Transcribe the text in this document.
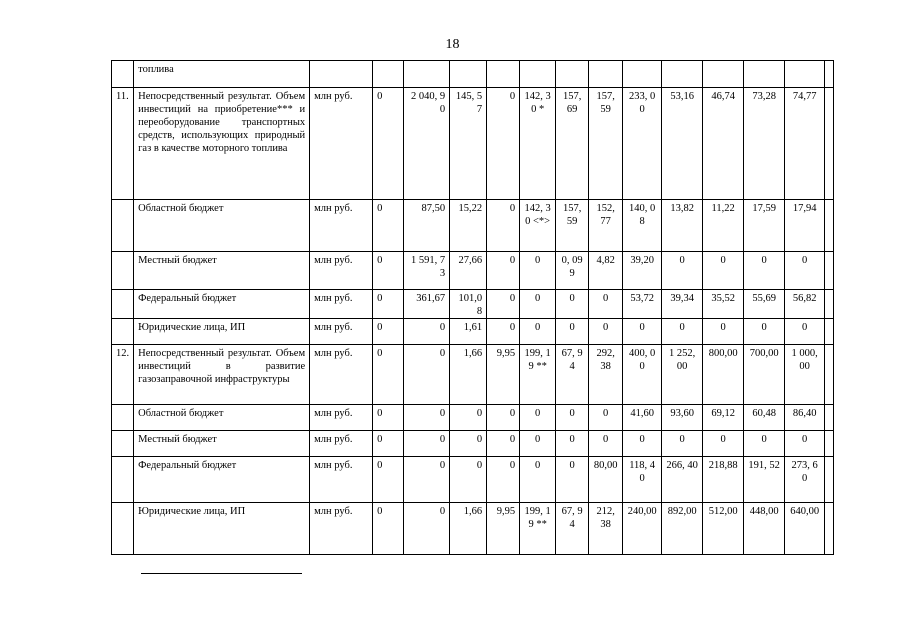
18
	топлива														
11.	Непосредственный результат. Объем инвестиций на приобретение*** и переоборудование транспортных средств, использующих природный газ в качестве моторного топлива	млн руб.	0	2 040, 90	145, 57	0	142, 30 *	157, 69	157, 59	233, 00	53,16	46,74	73,28	74,77	
	Областной бюджет	млн руб.	0	87,50	15,22	0	142, 30 <*>	157, 59	152, 77	140, 08	13,82	11,22	17,59	17,94	
	Местный бюджет	млн руб.	0	1 591, 73	27,66	0	0	0, 099	4,82	39,20	0	0	0	0	
	Федеральный бюджет	млн руб.	0	361,67	101,08	0	0	0	0	53,72	39,34	35,52	55,69	56,82	
	Юридические лица, ИП	млн руб.	0	0	1,61	0	0	0	0	0	0	0	0	0	
12.	Непосредственный результат. Объем инвестиций в развитие газозаправочной инфраструктуры	млн руб.	0	0	1,66	9,95	199, 19 **	67, 94	292, 38	400, 00	1 252, 00	800,00	700,00	1 000, 00	
	Областной бюджет	млн руб.	0	0	0	0	0	0	0	41,60	93,60	69,12	60,48	86,40	
	Местный бюджет	млн руб.	0	0	0	0	0	0	0	0	0	0	0	0	
	Федеральный бюджет	млн руб.	0	0	0	0	0	0	80,00	118, 40	266, 40	218,88	191, 52	273, 60	
	Юридические лица, ИП	млн руб.	0	0	1,66	9,95	199, 19 **	67, 94	212, 38	240,00	892,00	512,00	448,00	640,00	
